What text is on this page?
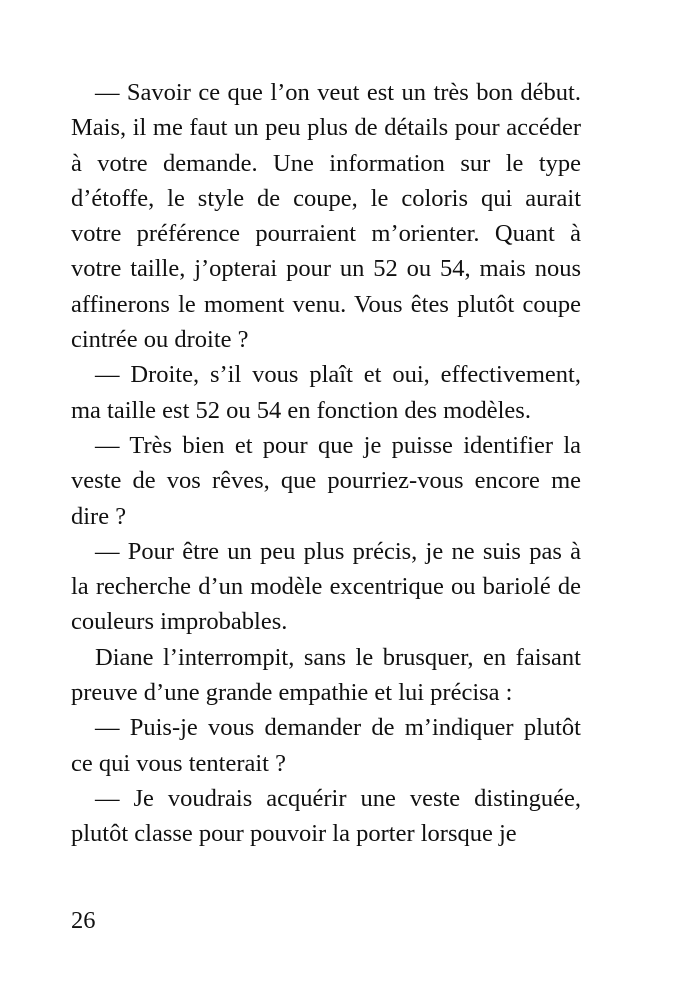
— Savoir ce que l’on veut est un très bon début. Mais, il me faut un peu plus de détails pour accéder à votre demande. Une information sur le type d’étoffe, le style de coupe, le coloris qui aurait votre préférence pourraient m’orienter. Quant à votre taille, j’opterai pour un 52 ou 54, mais nous affinerons le moment venu. Vous êtes plutôt coupe cintrée ou droite ?

— Droite, s’il vous plaît et oui, effectivement, ma taille est 52 ou 54 en fonction des modèles.

— Très bien et pour que je puisse identifier la veste de vos rêves, que pourriez-vous encore me dire ?

— Pour être un peu plus précis, je ne suis pas à la recherche d’un modèle excentrique ou bariolé de couleurs improbables.

Diane l’interrompit, sans le brusquer, en faisant preuve d’une grande empathie et lui précisa :

— Puis-je vous demander de m’indiquer plutôt ce qui vous tenterait ?

— Je voudrais acquérir une veste distinguée, plutôt classe pour pouvoir la porter lorsque je

26
